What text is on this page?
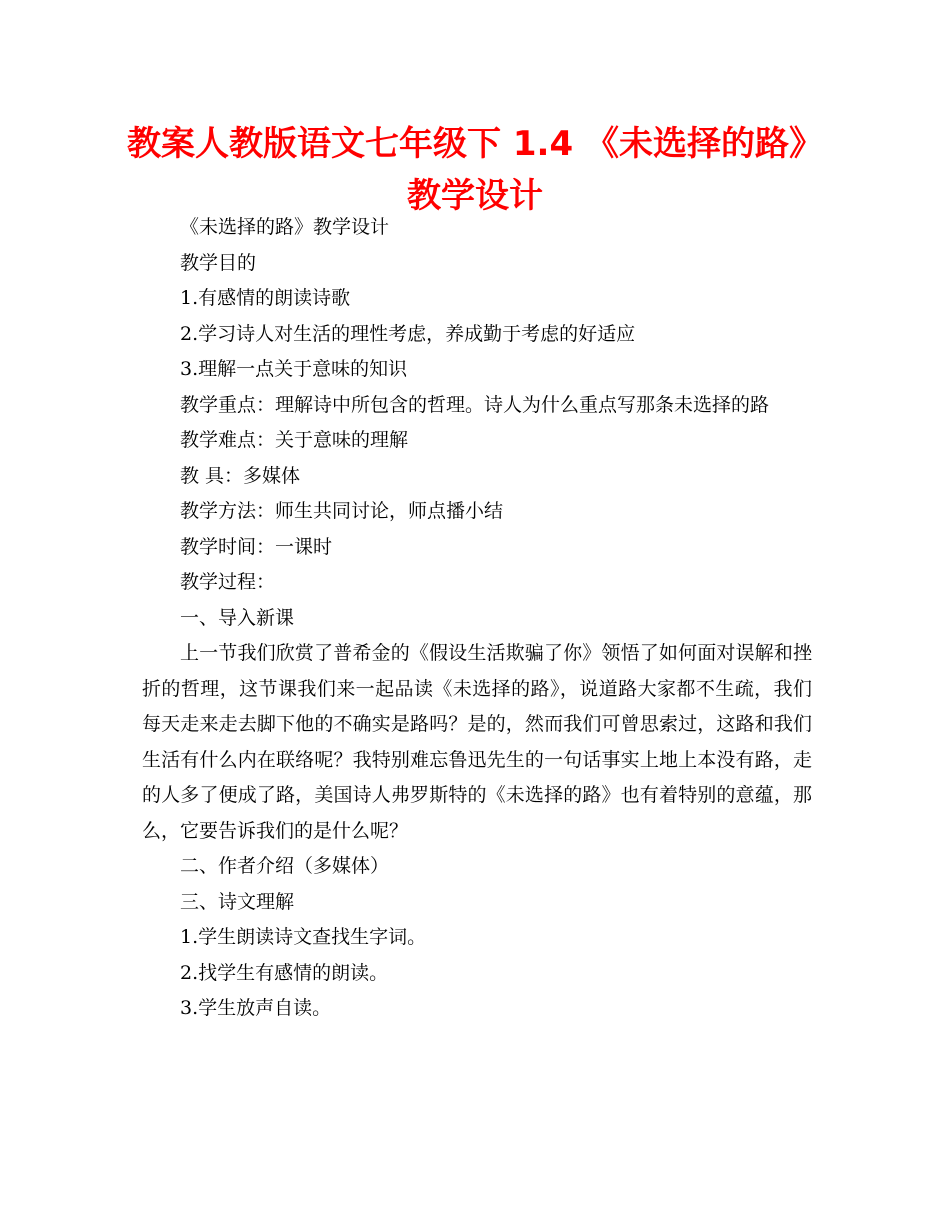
教案人教版语文七年级下 1.4 《未选择的路》教学设计

《未选择的路》教学设计

教学目的

1.有感情的朗读诗歌

2.学习诗人对生活的理性考虑，养成勤于考虑的好适应

3.理解一点关于意味的知识

教学重点：理解诗中所包含的哲理。诗人为什么重点写那条未选择的路

教学难点：关于意味的理解

教 具：多媒体

教学方法：师生共同讨论，师点播小结

教学时间：一课时

教学过程：

一、导入新课

上一节我们欣赏了普希金的《假设生活欺骗了你》领悟了如何面对误解和挫折的哲理，这节课我们来一起品读《未选择的路》，说道路大家都不生疏，我们每天走来走去脚下他的不确实是路吗？是的，然而我们可曾思索过，这路和我们生活有什么内在联络呢？我特别难忘鲁迅先生的一句话事实上地上本没有路，走的人多了便成了路，美国诗人弗罗斯特的《未选择的路》也有着特别的意蕴，那么，它要告诉我们的是什么呢？

二、作者介绍（多媒体）

三、诗文理解

1.学生朗读诗文查找生字词。

2.找学生有感情的朗读。

3.学生放声自读。
